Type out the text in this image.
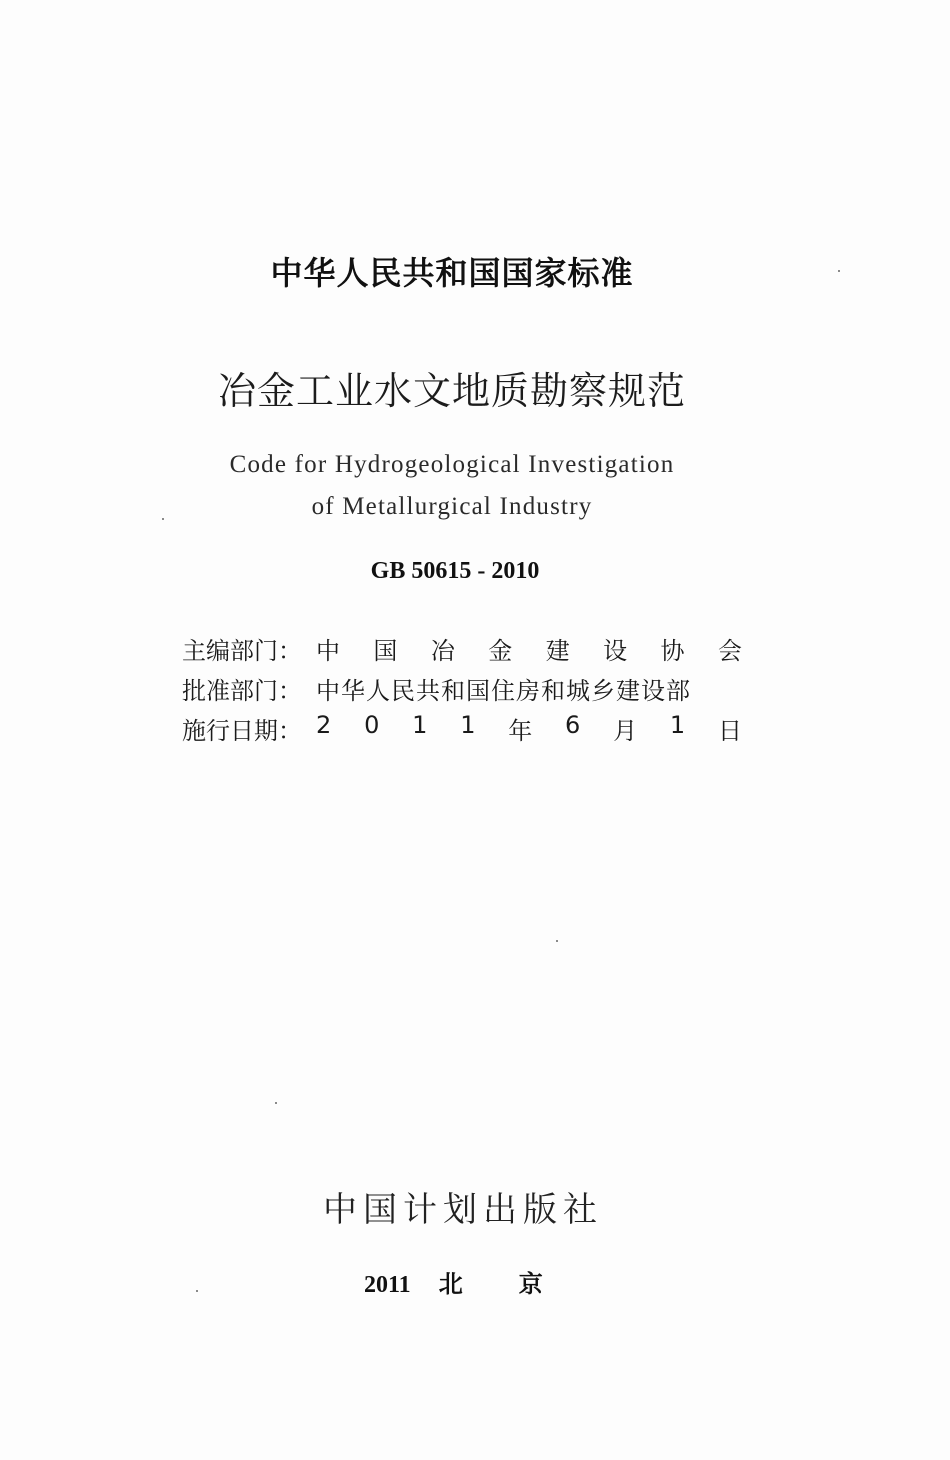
中华人民共和国国家标准
冶金工业水文地质勘察规范
Code for Hydrogeological Investigation
of Metallurgical Industry
GB 50615 - 2010
主编部门： 中 国 冶 金 建 设 协 会
批准部门： 中华人民共和国住房和城乡建设部
施行日期： 2 0 1 1 年 6 月 1 日
中国计划出版社
2011 北 京
